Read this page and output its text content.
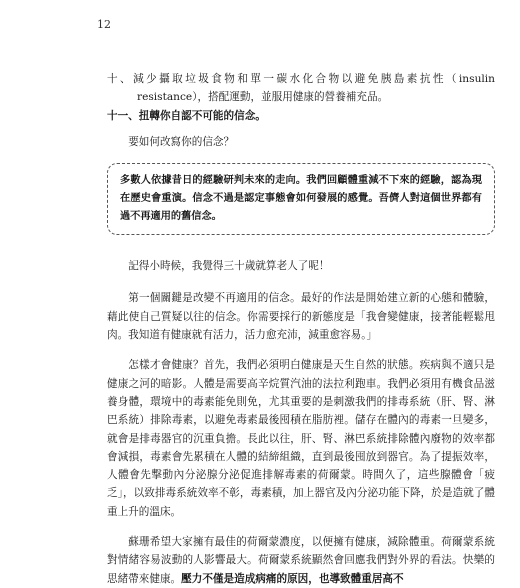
12

十、減少攝取垃圾食物和單一碳水化合物以避免胰島素抗性（insulin resistance），搭配運動，並服用健康的營養補充品。

十一、扭轉你自認不可能的信念。

要如何改寫你的信念？

多數人依據昔日的經驗研判未來的走向。我們回顧體重減不下來的經驗，認為現在歷史會重演。信念不過是認定事態會如何發展的感覺。吾儕人對這個世界都有過不再適用的舊信念。

記得小時候，我覺得三十歲就算老人了呢！

第一個關鍵是改變不再適用的信念。最好的作法是開始建立新的心態和體驗，藉此使自己質疑以往的信念。你需要採行的新態度是「我會變健康，接著能輕鬆甩肉。我知道有健康就有活力，活力愈充沛，減重愈容易。」

怎樣才會健康？首先，我們必須明白健康是天生自然的狀態。疾病與不適只是健康之河的暗影。人體是需要高辛烷質汽油的法拉利跑車。我們必須用有機食品滋養身體，環境中的毒素能免則免，尤其重要的是刺激我們的排毒系統（肝、腎、淋巴系統）排除毒素，以避免毒素最後囤積在脂肪裡。儲存在體內的毒素一旦變多，就會是排毒器官的沉重負擔。長此以往，肝、腎、淋巴系統排除體內廢物的效率都會減損，毒素會先累積在人體的結締組織，直到最後囤放到器官。為了提振效率，人體會先擊動內分泌腺分泌促進排解毒素的荷爾蒙。時間久了，這些腺體會「疲乏」，以致排毒系統效率不彰，毒素積，加上器官及內分泌功能下降，於是造就了體重上升的溫床。

蘇珊希望大家擁有最佳的荷爾蒙濃度，以便擁有健康，減除體重。荷爾蒙系統對情緒容易波動的人影響最大。荷爾蒙系統顯然會回應我們對外界的看法。快樂的思緒帶來健康。壓力不僅是造成病痛的原因，也導致體重居高不
